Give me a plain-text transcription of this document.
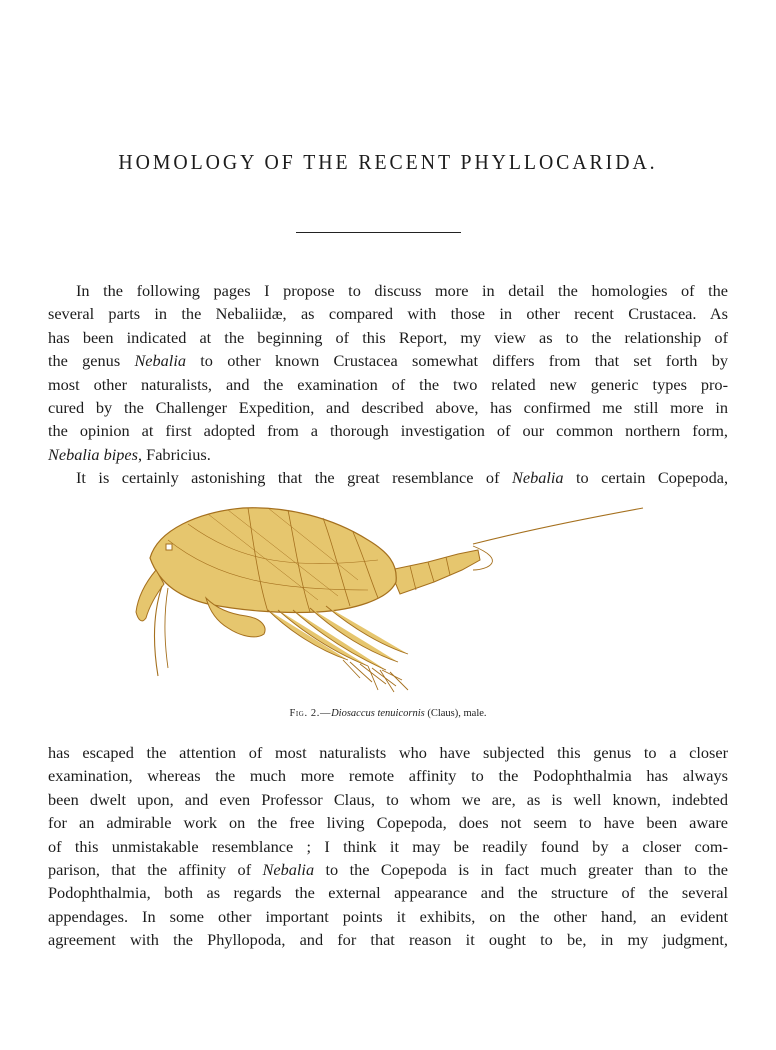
HOMOLOGY OF THE RECENT PHYLLOCARIDA.

In the following pages I propose to discuss more in detail the homologies of the
several parts in the Nebaliidæ, as compared with those in other recent Crustacea. As
has been indicated at the beginning of this Report, my view as to the relationship of
the genus Nebalia to other known Crustacea somewhat differs from that set forth by
most other naturalists, and the examination of the two related new generic types pro-
cured by the Challenger Expedition, and described above, has confirmed me still more in
the opinion at first adopted from a thorough investigation of our common northern form,
Nebalia bipes, Fabricius.

It is certainly astonishing that the great resemblance of Nebalia to certain Copepoda,

Fig. 2.—Diosaccus tenuicornis (Claus), male.

has escaped the attention of most naturalists who have subjected this genus to a closer
examination, whereas the much more remote affinity to the Podophthalmia has always
been dwelt upon, and even Professor Claus, to whom we are, as is well known, indebted
for an admirable work on the free living Copepoda, does not seem to have been aware
of this unmistakable resemblance ; I think it may be readily found by a closer com-
parison, that the affinity of Nebalia to the Copepoda is in fact much greater than to the
Podophthalmia, both as regards the external appearance and the structure of the several
appendages. In some other important points it exhibits, on the other hand, an evident
agreement with the Phyllopoda, and for that reason it ought to be, in my judgment,
